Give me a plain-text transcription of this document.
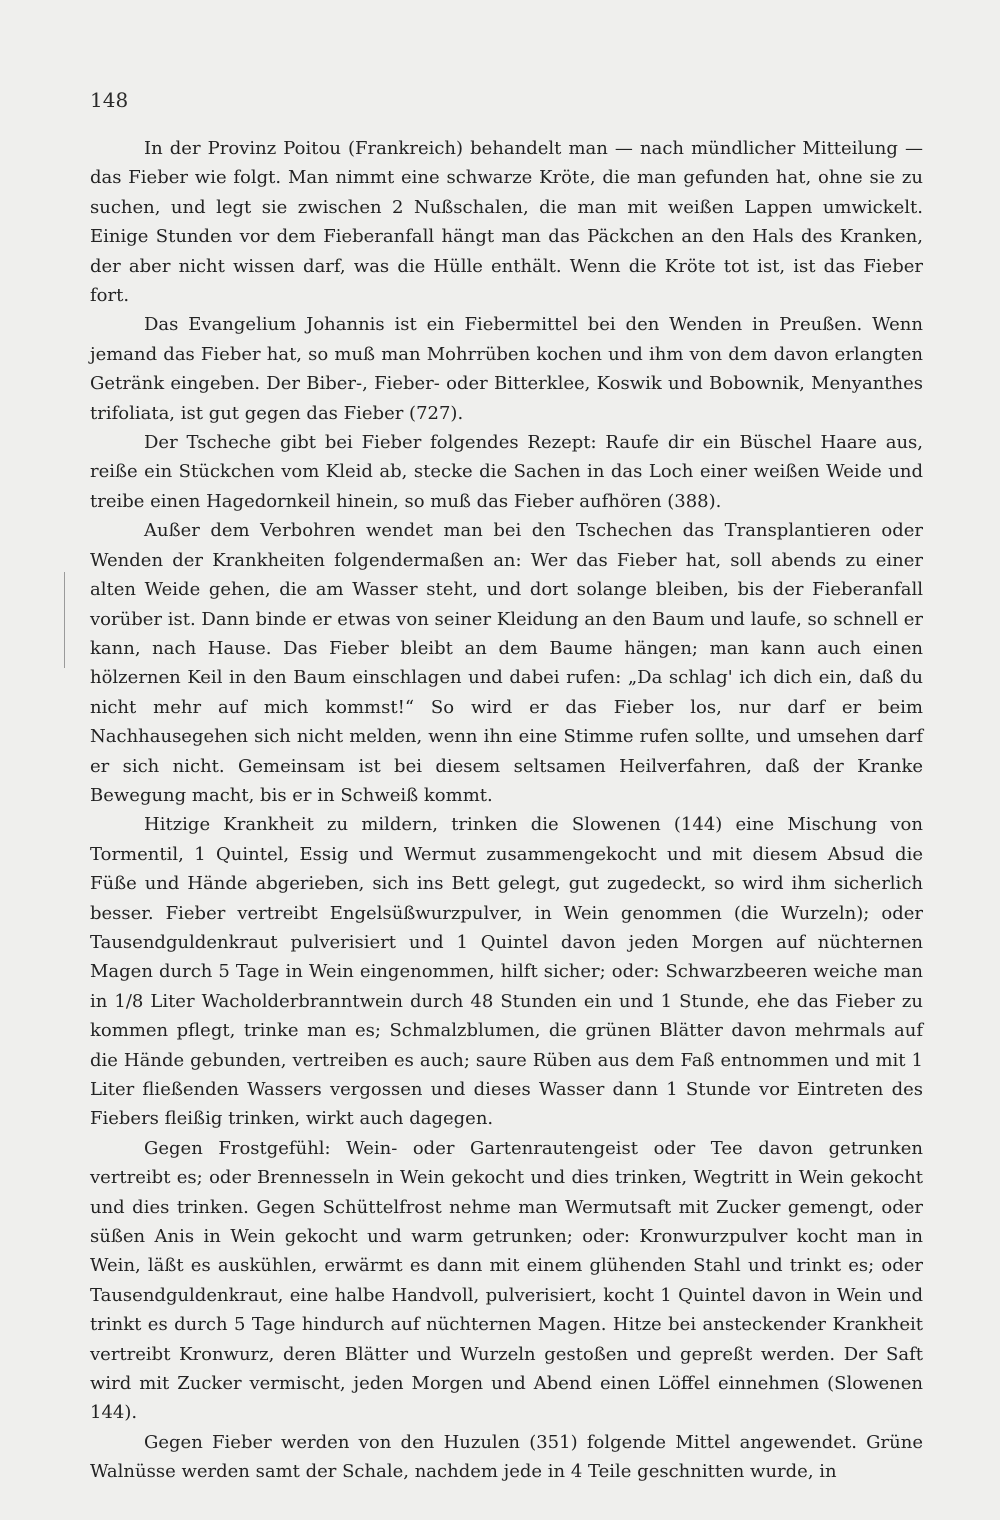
148

In der Provinz Poitou (Frankreich) behandelt man — nach mündlicher Mitteilung — das Fieber wie folgt. Man nimmt eine schwarze Kröte, die man gefunden hat, ohne sie zu suchen, und legt sie zwischen 2 Nußschalen, die man mit weißen Lappen umwickelt. Einige Stunden vor dem Fieberanfall hängt man das Päckchen an den Hals des Kranken, der aber nicht wissen darf, was die Hülle enthält. Wenn die Kröte tot ist, ist das Fieber fort.

Das Evangelium Johannis ist ein Fiebermittel bei den Wenden in Preußen. Wenn jemand das Fieber hat, so muß man Mohrrüben kochen und ihm von dem davon erlangten Getränk eingeben. Der Biber-, Fieber- oder Bitterklee, Koswik und Bobownik, Menyanthes trifoliata, ist gut gegen das Fieber (727).

Der Tscheche gibt bei Fieber folgendes Rezept: Raufe dir ein Büschel Haare aus, reiße ein Stückchen vom Kleid ab, stecke die Sachen in das Loch einer weißen Weide und treibe einen Hagedornkeil hinein, so muß das Fieber aufhören (388).

Außer dem Verbohren wendet man bei den Tschechen das Transplantieren oder Wenden der Krankheiten folgendermaßen an: Wer das Fieber hat, soll abends zu einer alten Weide gehen, die am Wasser steht, und dort solange bleiben, bis der Fieberanfall vorüber ist. Dann binde er etwas von seiner Kleidung an den Baum und laufe, so schnell er kann, nach Hause. Das Fieber bleibt an dem Baume hängen; man kann auch einen hölzernen Keil in den Baum einschlagen und dabei rufen: „Da schlag' ich dich ein, daß du nicht mehr auf mich kommst!“ So wird er das Fieber los, nur darf er beim Nachhausegehen sich nicht melden, wenn ihn eine Stimme rufen sollte, und umsehen darf er sich nicht. Gemeinsam ist bei diesem seltsamen Heilverfahren, daß der Kranke Bewegung macht, bis er in Schweiß kommt.

Hitzige Krankheit zu mildern, trinken die Slowenen (144) eine Mischung von Tormentil, 1 Quintel, Essig und Wermut zusammengekocht und mit diesem Absud die Füße und Hände abgerieben, sich ins Bett gelegt, gut zugedeckt, so wird ihm sicherlich besser. Fieber vertreibt Engelsüßwurzpulver, in Wein genommen (die Wurzeln); oder Tausendguldenkraut pulverisiert und 1 Quintel davon jeden Morgen auf nüchternen Magen durch 5 Tage in Wein eingenommen, hilft sicher; oder: Schwarzbeeren weiche man in 1/8 Liter Wacholderbranntwein durch 48 Stunden ein und 1 Stunde, ehe das Fieber zu kommen pflegt, trinke man es; Schmalzblumen, die grünen Blätter davon mehrmals auf die Hände gebunden, vertreiben es auch; saure Rüben aus dem Faß entnommen und mit 1 Liter fließenden Wassers vergossen und dieses Wasser dann 1 Stunde vor Eintreten des Fiebers fleißig trinken, wirkt auch dagegen.

Gegen Frostgefühl: Wein- oder Gartenrautengeist oder Tee davon getrunken vertreibt es; oder Brennesseln in Wein gekocht und dies trinken, Wegtritt in Wein gekocht und dies trinken. Gegen Schüttelfrost nehme man Wermutsaft mit Zucker gemengt, oder süßen Anis in Wein gekocht und warm getrunken; oder: Kronwurzpulver kocht man in Wein, läßt es auskühlen, erwärmt es dann mit einem glühenden Stahl und trinkt es; oder Tausendguldenkraut, eine halbe Handvoll, pulverisiert, kocht 1 Quintel davon in Wein und trinkt es durch 5 Tage hindurch auf nüchternen Magen. Hitze bei ansteckender Krankheit vertreibt Kronwurz, deren Blätter und Wurzeln gestoßen und gepreßt werden. Der Saft wird mit Zucker vermischt, jeden Morgen und Abend einen Löffel einnehmen (Slowenen 144).

Gegen Fieber werden von den Huzulen (351) folgende Mittel angewendet. Grüne Walnüsse werden samt der Schale, nachdem jede in 4 Teile geschnitten wurde, in
